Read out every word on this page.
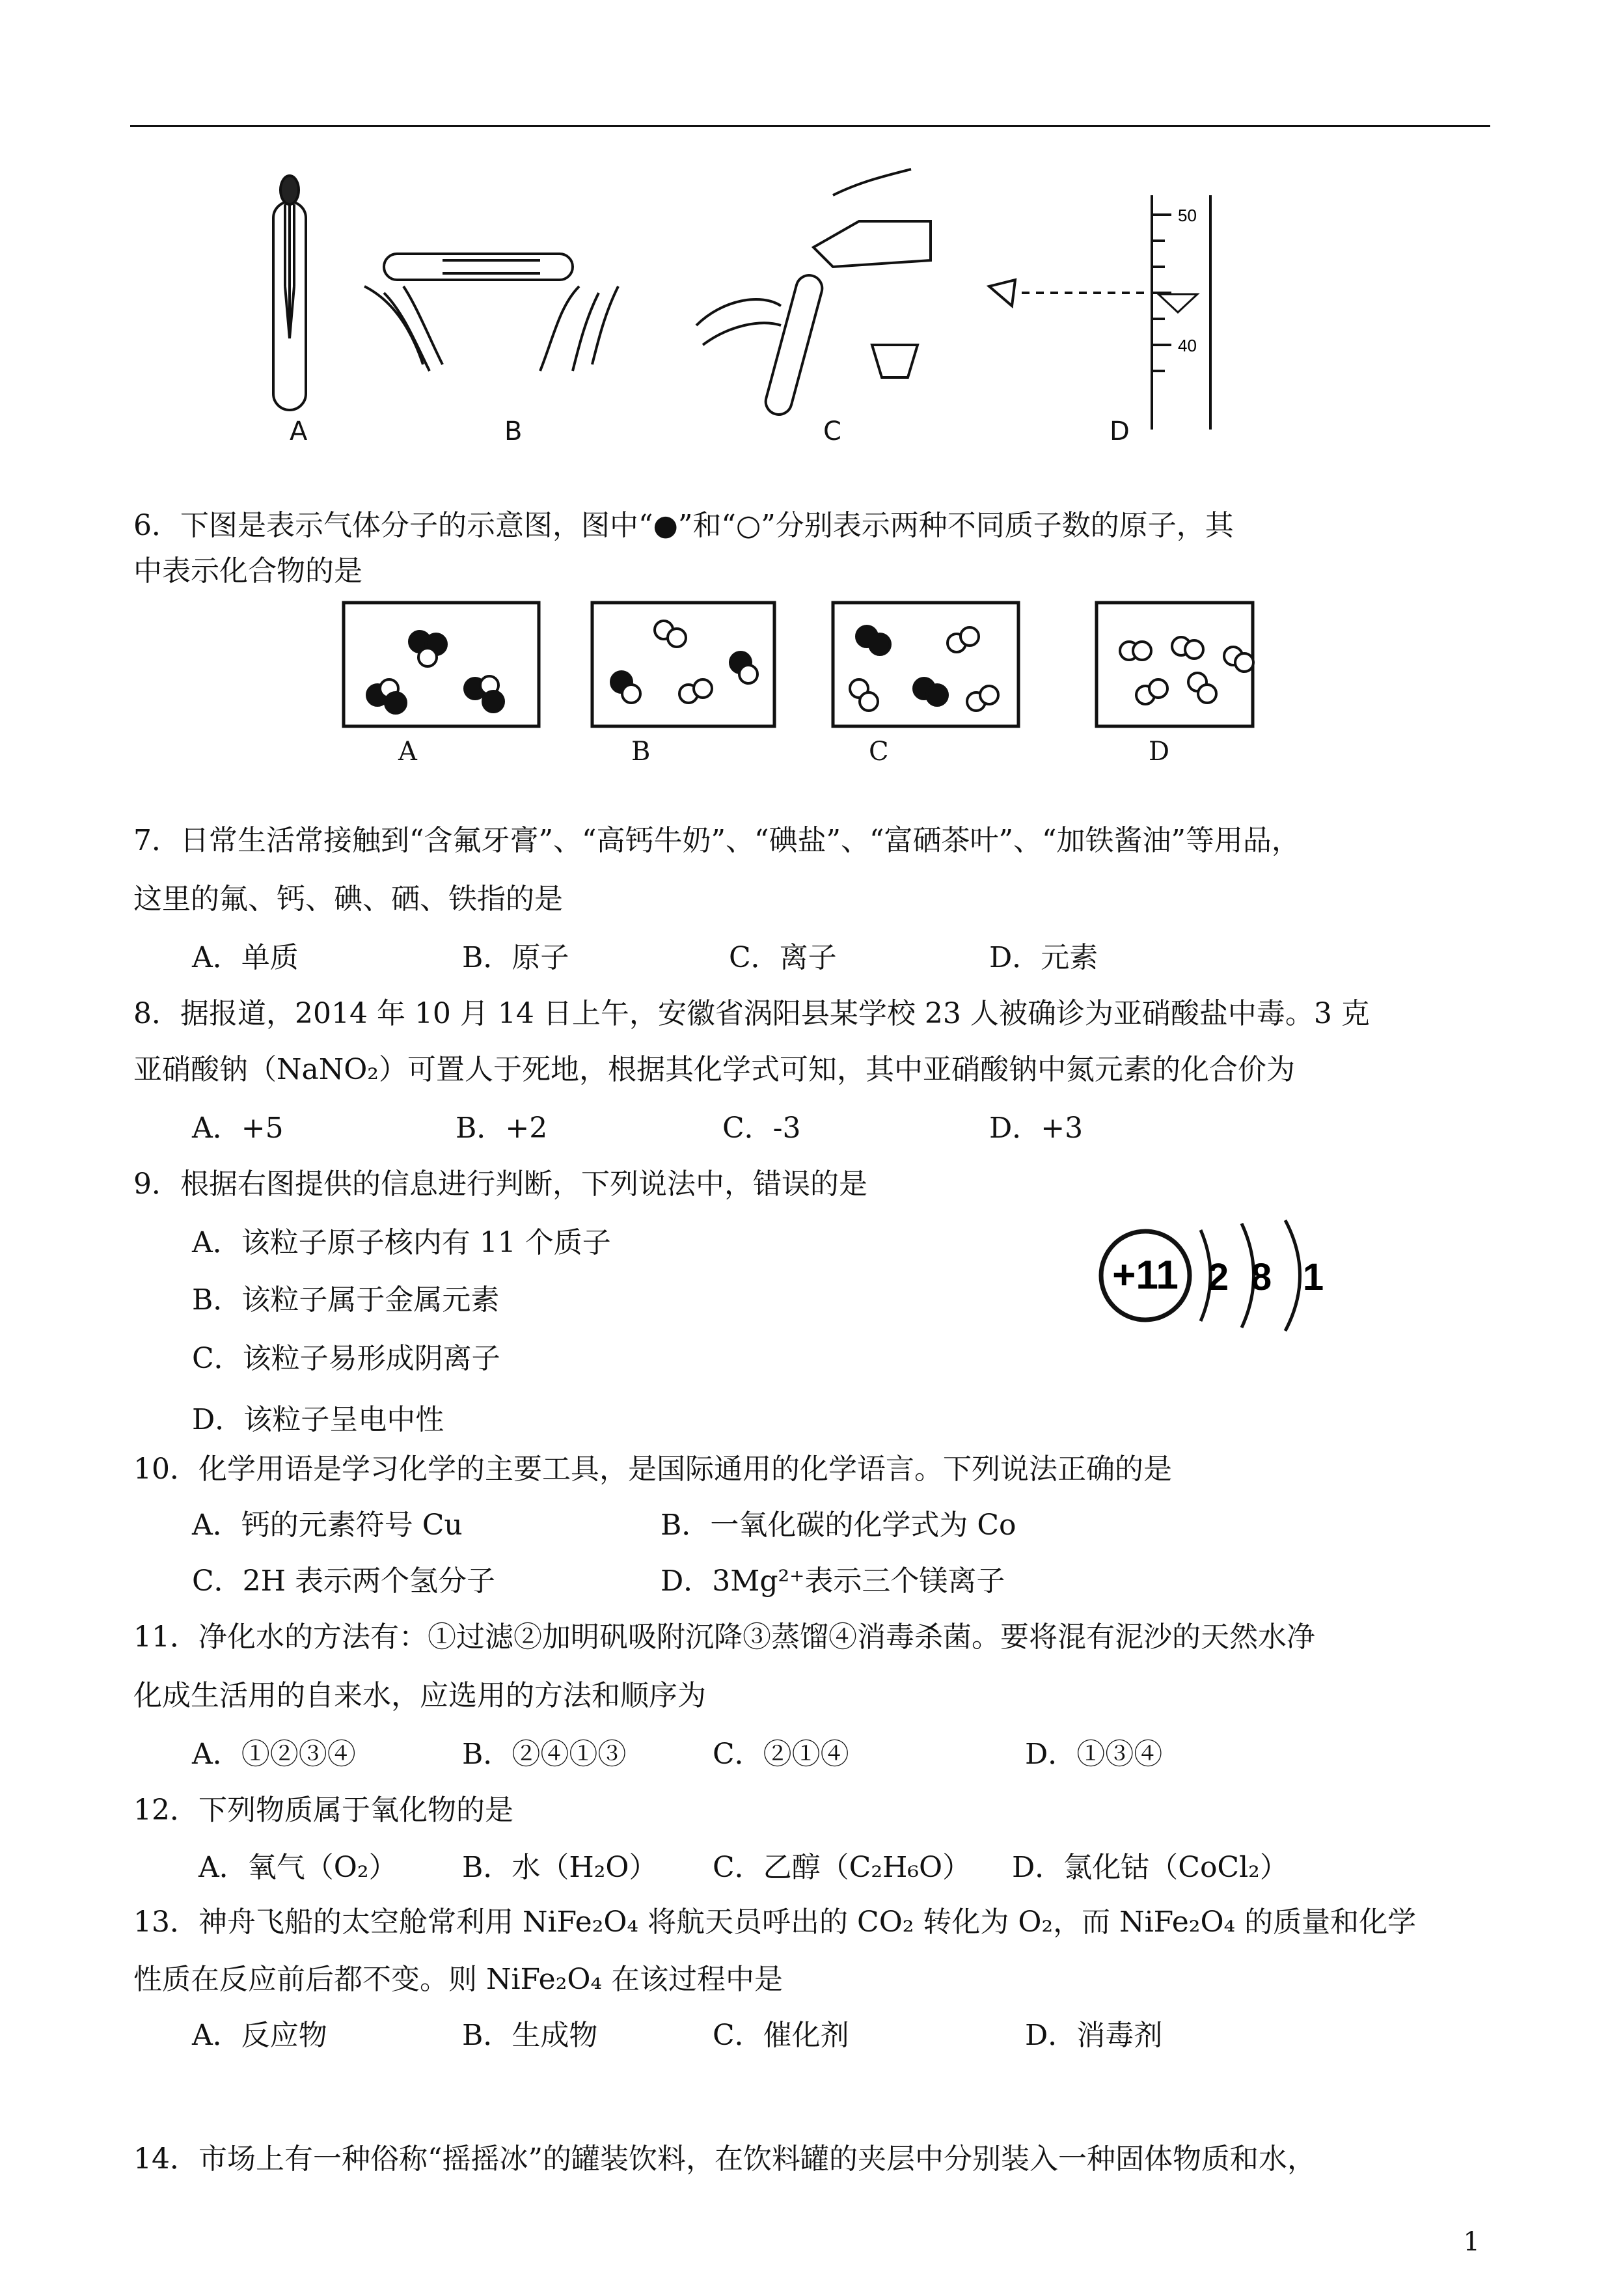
50
40
A	B	C	D
6．下图是表示气体分子的示意图，图中“●”和“○”分别表示两种不同质子数的原子，其
中表示化合物的是
A	B	C	D
7．日常生活常接触到“含氟牙膏”、“高钙牛奶”、“碘盐”、“富硒茶叶”、“加铁酱油”等用品，
这里的氟、钙、碘、硒、铁指的是
A．单质	B．原子	C．离子	D．元素
8．据报道，2014 年 10 月 14 日上午，安徽省涡阳县某学校 23 人被确诊为亚硝酸盐中毒。3 克
亚硝酸钠（NaNO₂）可置人于死地，根据其化学式可知，其中亚硝酸钠中氮元素的化合价为
A．+5	B．+2	C．-3	D．+3
9．根据右图提供的信息进行判断，下列说法中，错误的是
A．该粒子原子核内有 11 个质子
B．该粒子属于金属元素
C．该粒子易形成阴离子
D．该粒子呈电中性
+11 2 8 1
10．化学用语是学习化学的主要工具，是国际通用的化学语言。下列说法正确的是
A．钙的元素符号 Cu	B．一氧化碳的化学式为 Co
C．2H 表示两个氢分子	D．3Mg²⁺表示三个镁离子
11．净化水的方法有：①过滤②加明矾吸附沉降③蒸馏④消毒杀菌。要将混有泥沙的天然水净
化成生活用的自来水，应选用的方法和顺序为
A．①②③④	B．②④①③	C．②①④	D．①③④
12．下列物质属于氧化物的是
A．氧气（O₂） B．水（H₂O） C．乙醇（C₂H₆O） D．氯化钴（CoCl₂）
13．神舟飞船的太空舱常利用 NiFe₂O₄ 将航天员呼出的 CO₂ 转化为 O₂，而 NiFe₂O₄ 的质量和化学
性质在反应前后都不变。则 NiFe₂O₄ 在该过程中是
A．反应物	B．生成物	C．催化剂	D．消毒剂
14．市场上有一种俗称“摇摇冰”的罐装饮料，在饮料罐的夹层中分别装入一种固体物质和水，
1
